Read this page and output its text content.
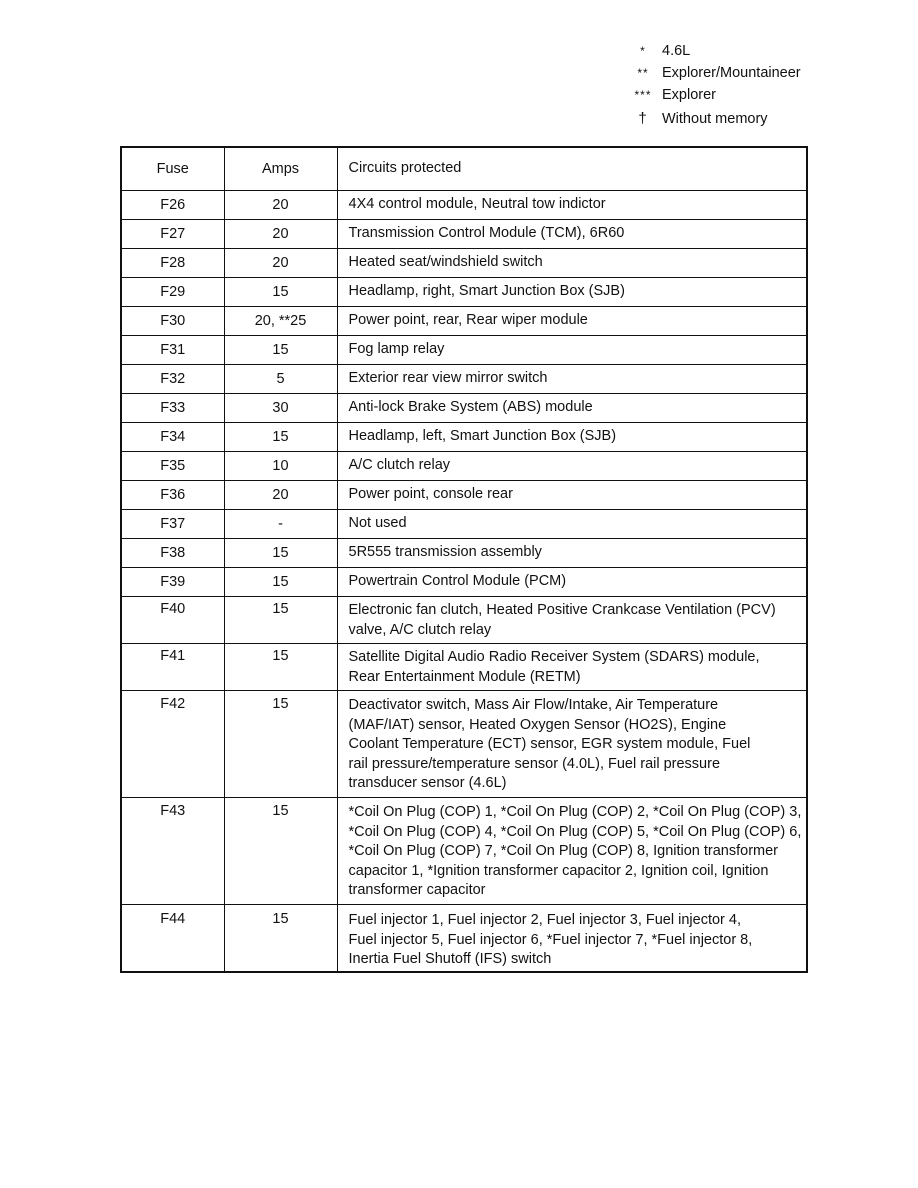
*	4.6L
** Explorer/Mountaineer
*** Explorer
† Without memory
Fuse	Amps	Circuits protected
F26	20	4X4 control module, Neutral tow indictor
F27	20	Transmission Control Module (TCM), 6R60
F28	20	Heated seat/windshield switch
F29	15	Headlamp, right, Smart Junction Box (SJB)
F30	20, **25	Power point, rear, Rear wiper module
F31	15	Fog lamp relay
F32	5	Exterior rear view mirror switch
F33	30	Anti-lock Brake System (ABS) module
F34	15	Headlamp, left, Smart Junction Box (SJB)
F35	10	A/C clutch relay
F36	20	Power point, console rear
F37	-	Not used
F38	15	5R555 transmission assembly
F39	15	Powertrain Control Module (PCM)

F40	15	Electronic fan clutch, Heated Positive Crankcase Ventilation (PCV)
valve, A/C clutch relay

F41	15	Satellite Digital Audio Radio Receiver System (SDARS) module,
Rear Entertainment Module (RETM)

F42	15	Deactivator switch, Mass Air Flow/Intake, Air Temperature
(MAF/IAT) sensor, Heated Oxygen Sensor (HO2S), Engine
Coolant Temperature (ECT) sensor, EGR system module, Fuel
rail pressure/temperature sensor (4.0L), Fuel rail pressure
transducer sensor (4.6L)

F43	15	*Coil On Plug (COP) 1, *Coil On Plug (COP) 2, *Coil On Plug (COP) 3,
*Coil On Plug (COP) 4, *Coil On Plug (COP) 5, *Coil On Plug (COP) 6,
*Coil On Plug (COP) 7, *Coil On Plug (COP) 8, Ignition transformer
capacitor 1, *Ignition transformer capacitor 2, Ignition coil, Ignition
transformer capacitor

F44	15	Fuel injector 1, Fuel injector 2, Fuel injector 3, Fuel injector 4,
Fuel injector 5, Fuel injector 6, *Fuel injector 7, *Fuel injector 8,
Inertia Fuel Shutoff (IFS) switch
